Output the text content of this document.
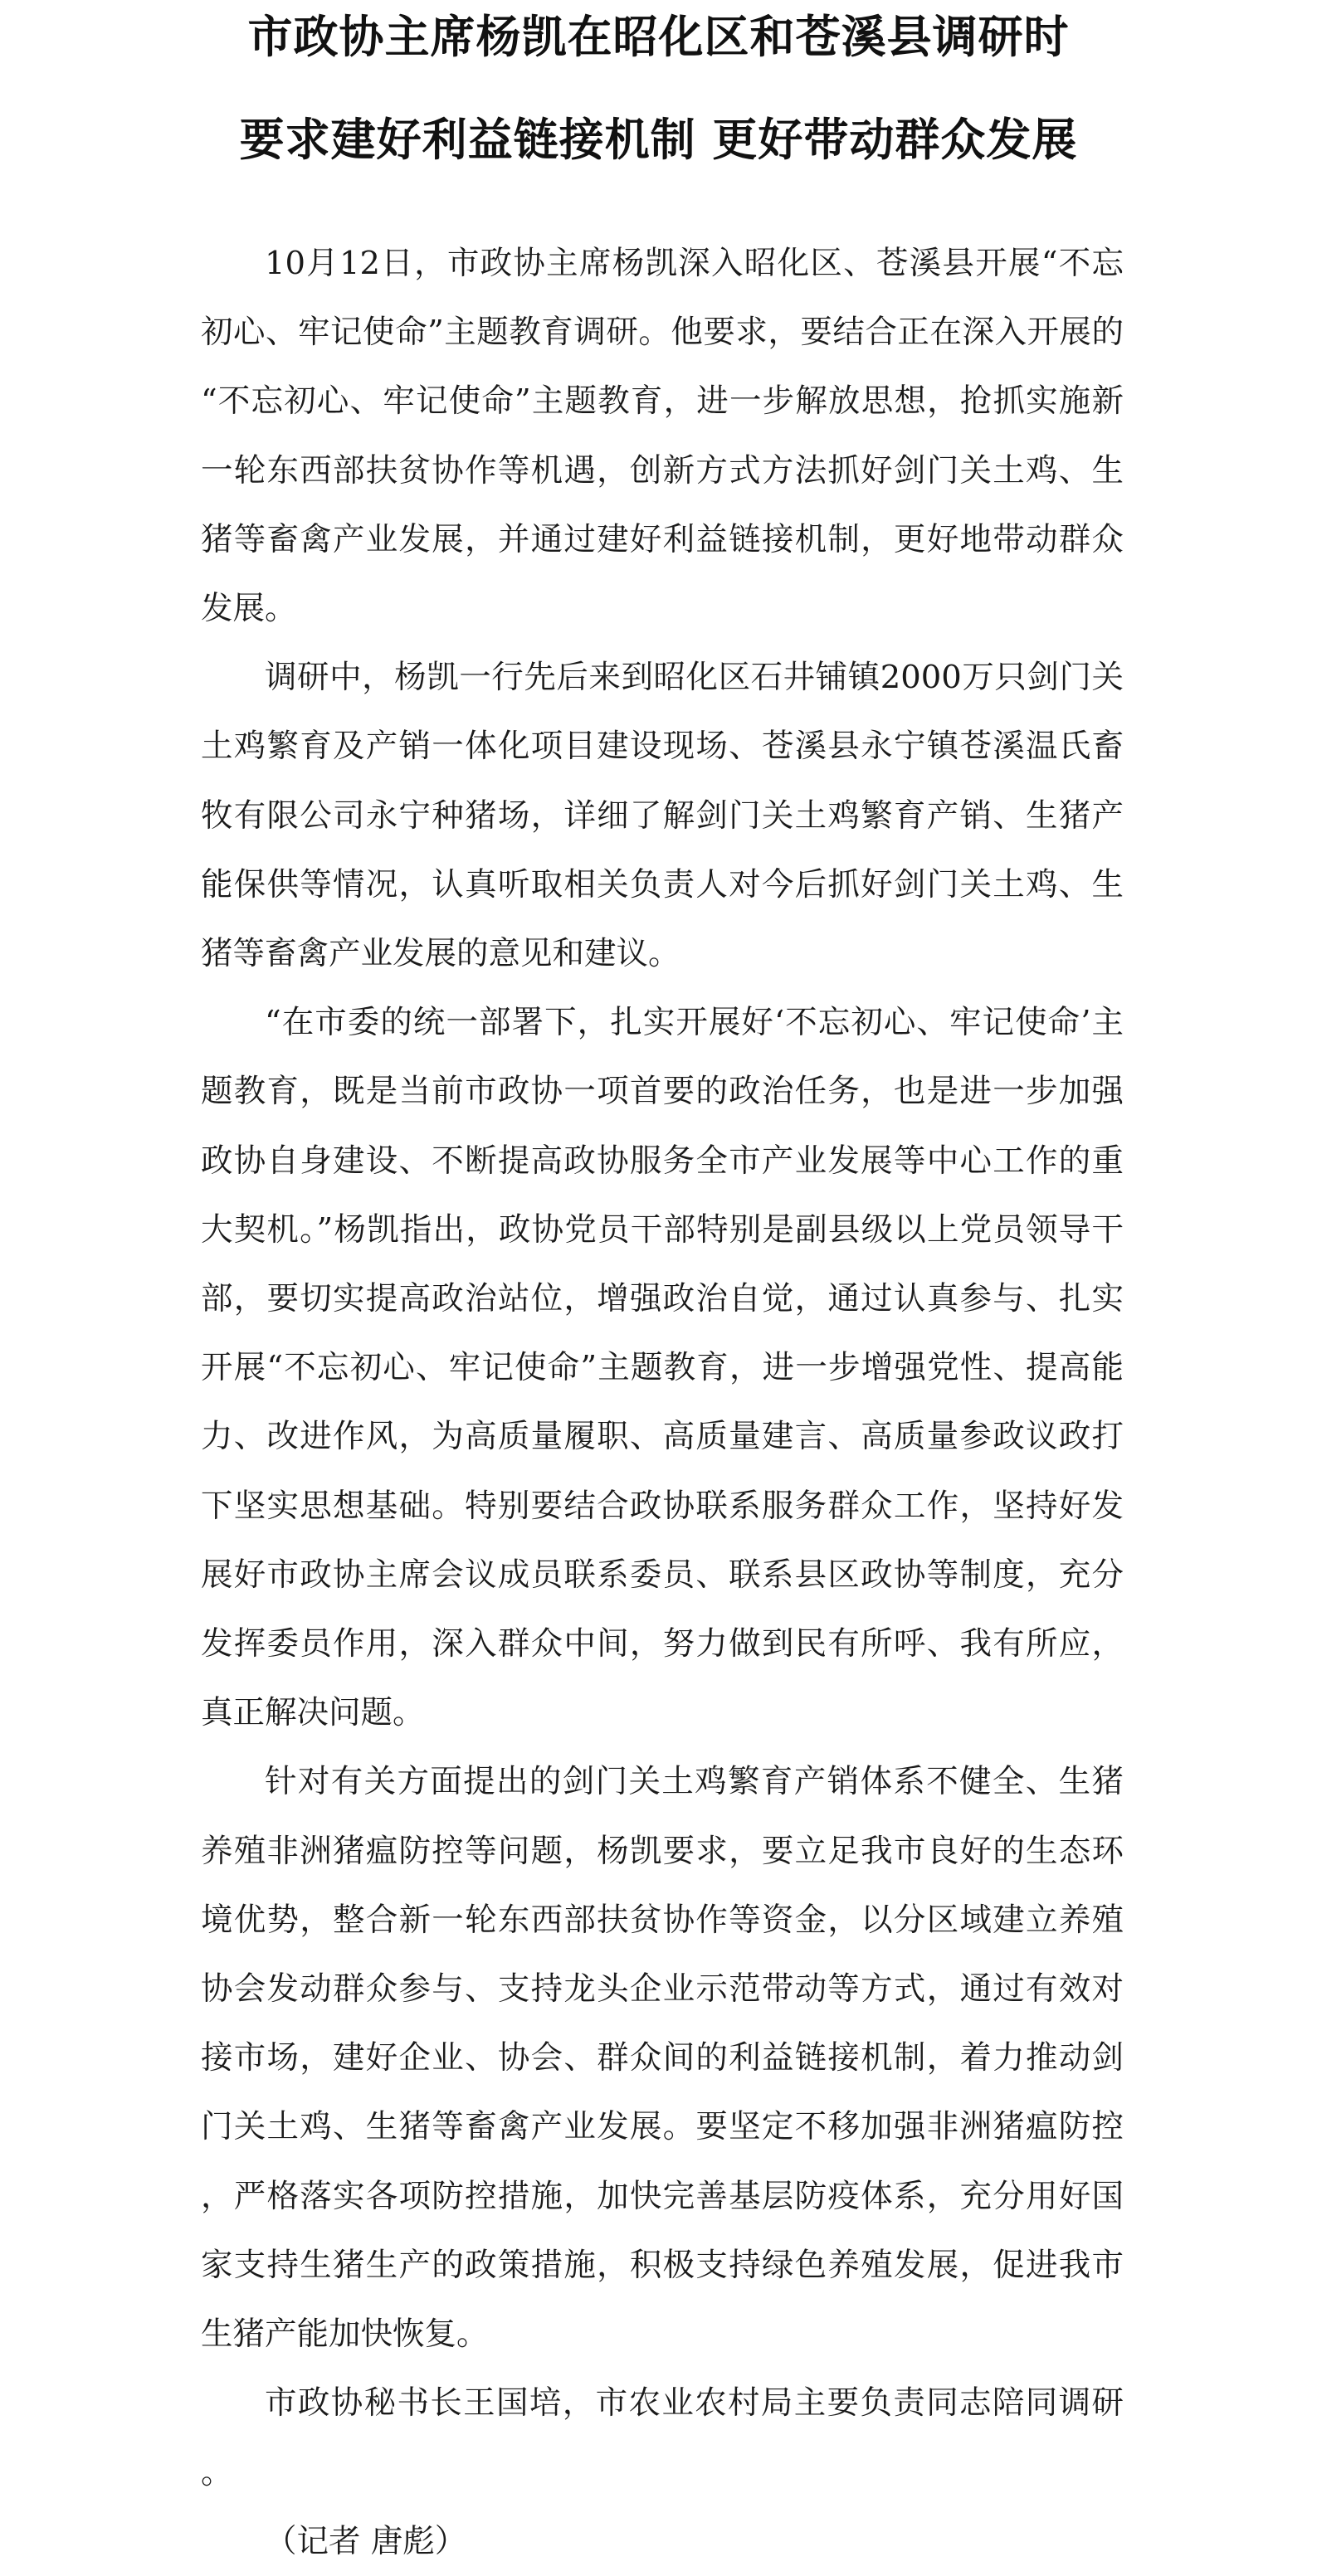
市政协主席杨凯在昭化区和苍溪县调研时
要求建好利益链接机制 更好带动群众发展

10月12日，市政协主席杨凯深入昭化区、苍溪县开展“不忘初心、牢记使命”主题教育调研。他要求，要结合正在深入开展的“不忘初心、牢记使命”主题教育，进一步解放思想，抢抓实施新一轮东西部扶贫协作等机遇，创新方式方法抓好剑门关土鸡、生猪等畜禽产业发展，并通过建好利益链接机制，更好地带动群众发展。

调研中，杨凯一行先后来到昭化区石井铺镇2000万只剑门关土鸡繁育及产销一体化项目建设现场、苍溪县永宁镇苍溪温氏畜牧有限公司永宁种猪场，详细了解剑门关土鸡繁育产销、生猪产能保供等情况，认真听取相关负责人对今后抓好剑门关土鸡、生猪等畜禽产业发展的意见和建议。

“在市委的统一部署下，扎实开展好‘不忘初心、牢记使命’主题教育，既是当前市政协一项首要的政治任务，也是进一步加强政协自身建设、不断提高政协服务全市产业发展等中心工作的重大契机。”杨凯指出，政协党员干部特别是副县级以上党员领导干部，要切实提高政治站位，增强政治自觉，通过认真参与、扎实开展“不忘初心、牢记使命”主题教育，进一步增强党性、提高能力、改进作风，为高质量履职、高质量建言、高质量参政议政打下坚实思想基础。特别要结合政协联系服务群众工作，坚持好发展好市政协主席会议成员联系委员、联系县区政协等制度，充分发挥委员作用，深入群众中间，努力做到民有所呼、我有所应，真正解决问题。

针对有关方面提出的剑门关土鸡繁育产销体系不健全、生猪养殖非洲猪瘟防控等问题，杨凯要求，要立足我市良好的生态环境优势，整合新一轮东西部扶贫协作等资金，以分区域建立养殖协会发动群众参与、支持龙头企业示范带动等方式，通过有效对接市场，建好企业、协会、群众间的利益链接机制，着力推动剑门关土鸡、生猪等畜禽产业发展。要坚定不移加强非洲猪瘟防控，严格落实各项防控措施，加快完善基层防疫体系，充分用好国家支持生猪生产的政策措施，积极支持绿色养殖发展，促进我市生猪产能加快恢复。

市政协秘书长王国培，市农业农村局主要负责同志陪同调研。

（记者 唐彪）
